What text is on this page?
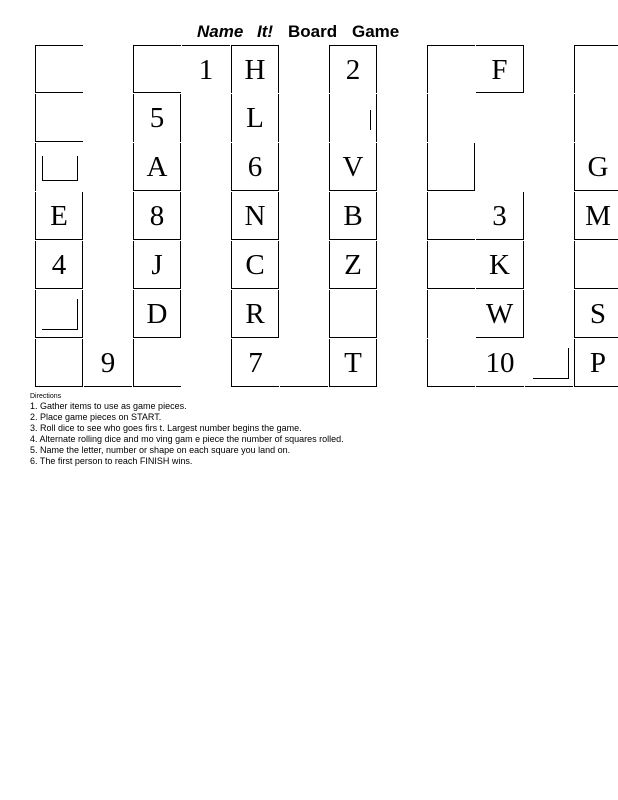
Name It! Board Game
1	H	2	F
5	L
A	6	V	G
E	8	N	B	3	M
4	J	C	Z	K
D	R	W	S
9	7	T	10	P
Directions
1. Gather items to use as game pieces.
2. Place game pieces on START.
3. Roll dice to see who goes firs t. Largest number begins the game.
4. Alternate rolling dice and mo ving gam e piece the number of squares rolled.
5. Name the letter, number or shape on each square you land on.
6. The first person to reach FINISH wins.
